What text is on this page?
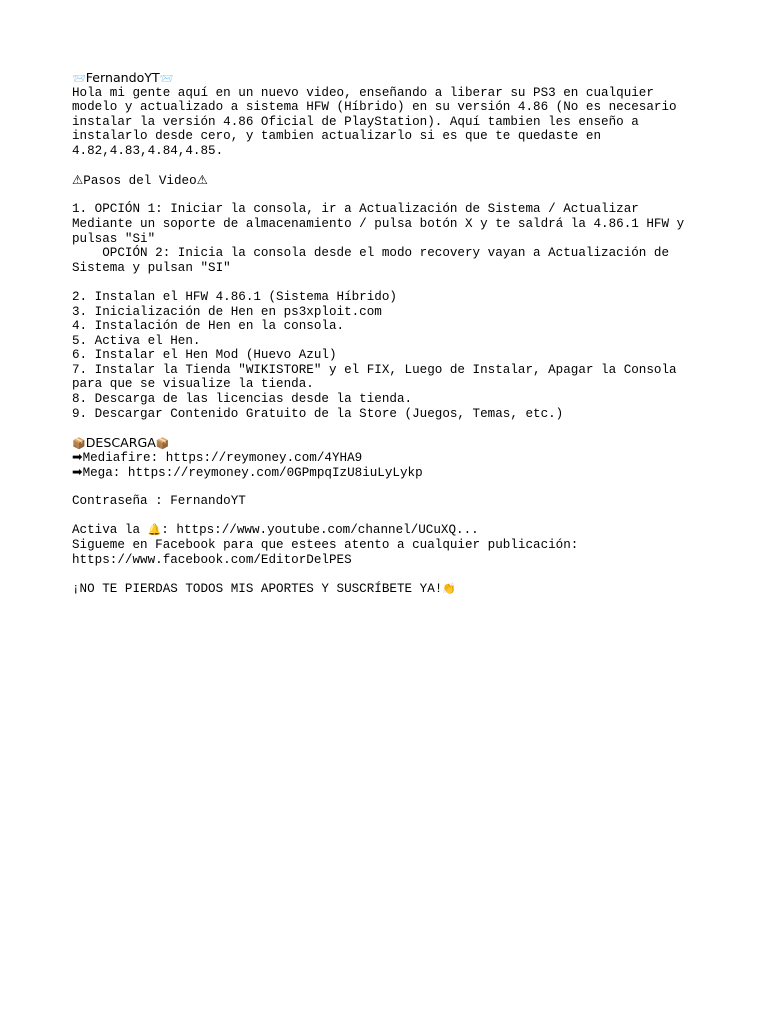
📨FernandoYT📨
Hola mi gente aquí en un nuevo video, enseñando a liberar su PS3 en cualquier
modelo y actualizado a sistema HFW (Híbrido) en su versión 4.86 (No es necesario
instalar la versión 4.86 Oficial de PlayStation). Aquí tambien les enseño a
instalarlo desde cero, y tambien actualizarlo si es que te quedaste en
4.82,4.83,4.84,4.85.
⚠Pasos del Video⚠
1. OPCIÓN 1: Iniciar la consola, ir a Actualización de Sistema / Actualizar
Mediante un soporte de almacenamiento / pulsa botón X y te saldrá la 4.86.1 HFW y
pulsas "Si"
OPCIÓN 2: Inicia la consola desde el modo recovery vayan a Actualización de
Sistema y pulsan "SI"
2. Instalan el HFW 4.86.1 (Sistema Híbrido)
3. Inicialización de Hen en ps3xploit.com
4. Instalación de Hen en la consola.
5. Activa el Hen.
6. Instalar el Hen Mod (Huevo Azul)
7. Instalar la Tienda "WIKISTORE" y el FIX, Luego de Instalar, Apagar la Consola
para que se visualize la tienda.
8. Descarga de las licencias desde la tienda.
9. Descargar Contenido Gratuito de la Store (Juegos, Temas, etc.)
📦DESCARGA📦
➡Mediafire: https://reymoney.com/4YHA9
➡Mega: https://reymoney.com/0GPmpqIzU8iuLyLykp
Contraseña : FernandoYT
Activa la 🔔: https://www.youtube.com/channel/UCuXQ...
Sigueme en Facebook para que estees atento a cualquier publicación:
https://www.facebook.com/EditorDelPES
¡NO TE PIERDAS TODOS MIS APORTES Y SUSCRÍBETE YA!👏
